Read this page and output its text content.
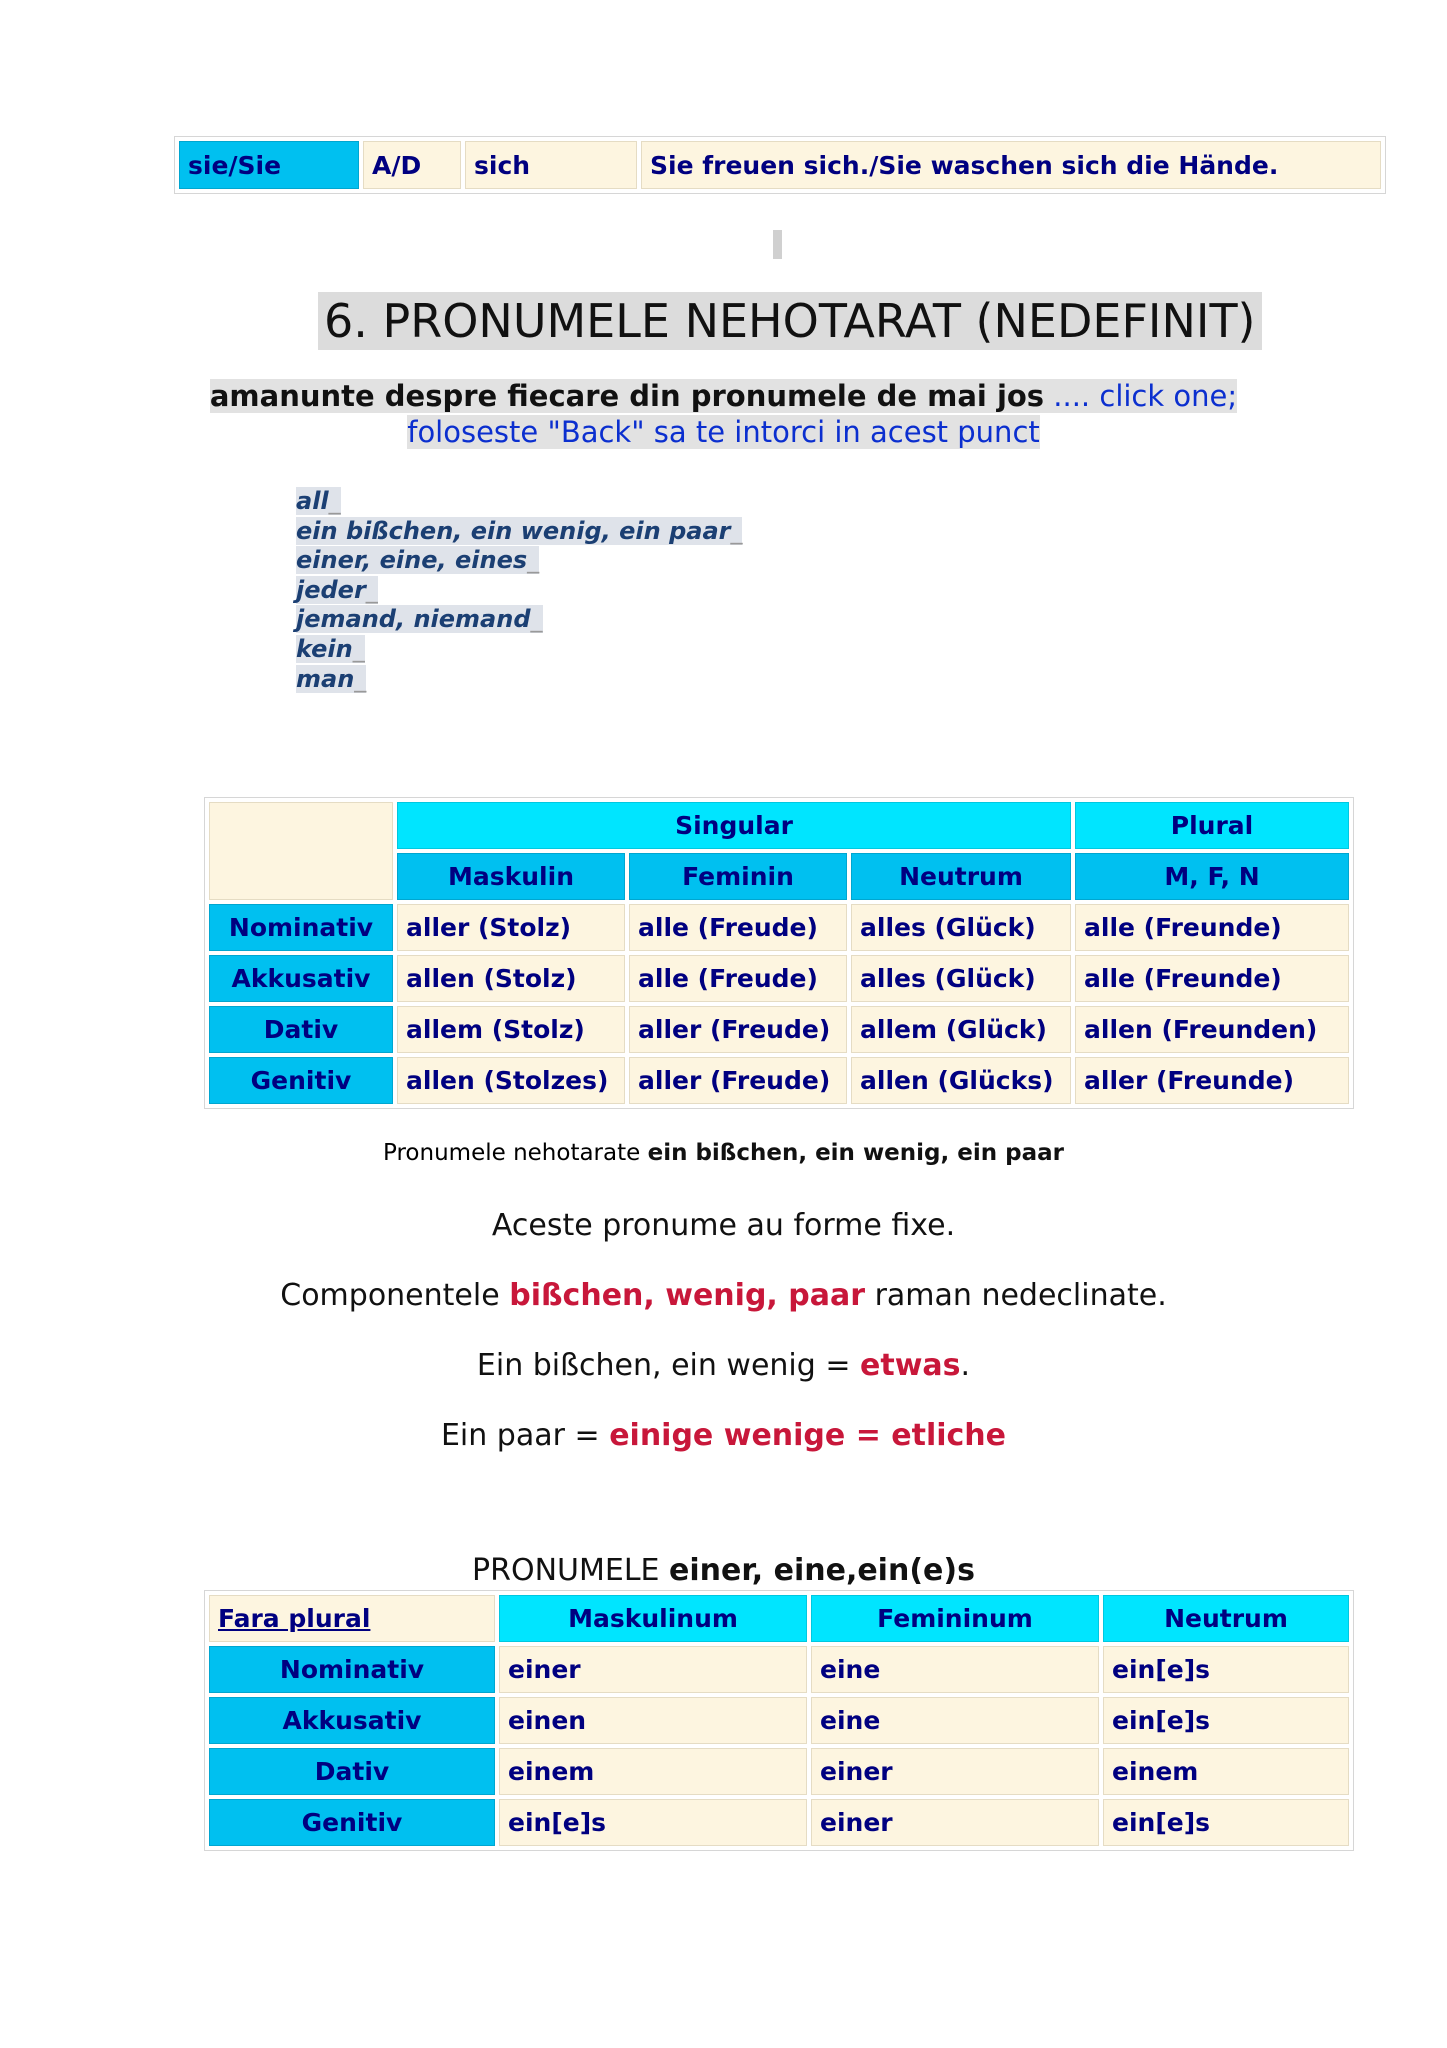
sie/Sie	A/D	sich	Sie freuen sich./Sie waschen sich die Hände.
6. PRONUMELE NEHOTARAT (NEDEFINIT)
amanunte despre fiecare din pronumele de mai jos .... click one;
foloseste "Back" sa te intorci in acest punct
all _
ein bißchen, ein wenig, ein paar _
einer, eine, eines _
jeder _
jemand, niemand _
kein _
man _
	Singular			Plural
	Maskulin	Feminin	Neutrum	M, F, N
Nominativ	aller (Stolz)	alle (Freude)	alles (Glück)	alle (Freunde)
Akkusativ	allen (Stolz)	alle (Freude)	alles (Glück)	alle (Freunde)
Dativ	allem (Stolz)	aller (Freude)	allem (Glück)	allen (Freunden)
Genitiv	allen (Stolzes)	aller (Freude)	allen (Glücks)	aller (Freunde)
Pronumele nehotarate ein bißchen, ein wenig, ein paar
Aceste pronume au forme fixe.
Componentele bißchen, wenig, paar raman nedeclinate.
Ein bißchen, ein wenig = etwas.
Ein paar = einige wenige = etliche
PRONUMELE einer, eine,ein(e)s
Fara plural	Maskulinum	Femininum	Neutrum
Nominativ	einer	eine	ein[e]s
Akkusativ	einen	eine	ein[e]s
Dativ	einem	einer	einem
Genitiv	ein[e]s	einer	ein[e]s
